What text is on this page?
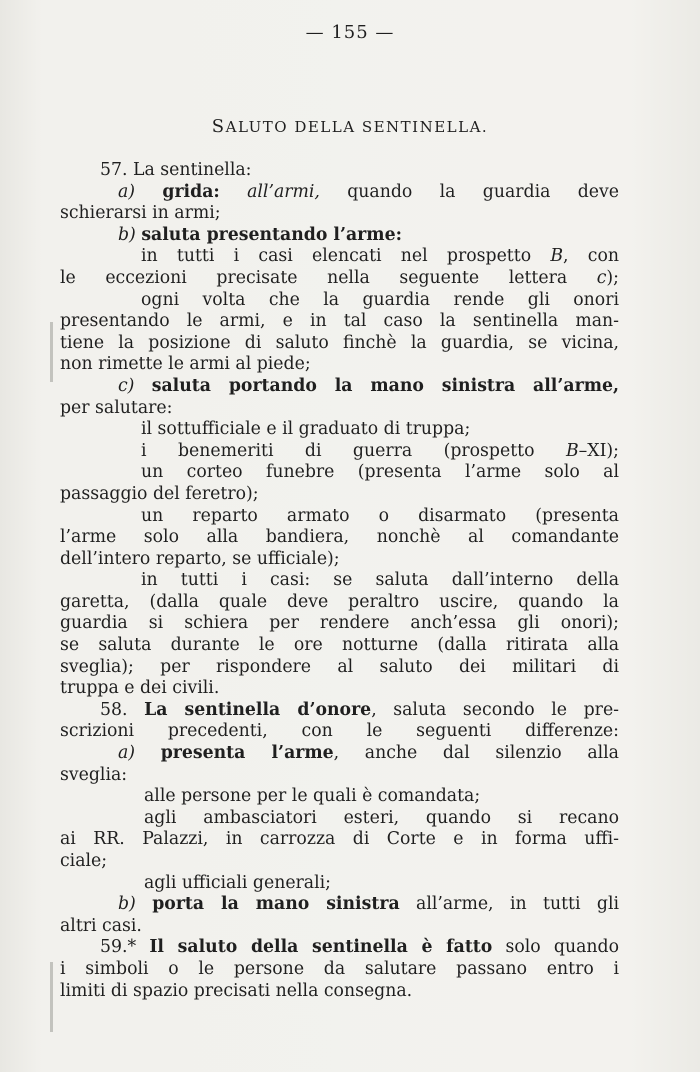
— 155 —
SALUTO DELLA SENTINELLA.
57. La sentinella:
a) grida: all’armi, quando la guardia deve
schierarsi in armi;
b) saluta presentando l’arme:
in tutti i casi elencati nel prospetto B, con
le eccezioni precisate nella seguente lettera c);
ogni volta che la guardia rende gli onori
presentando le armi, e in tal caso la sentinella man-
tiene la posizione di saluto finchè la guardia, se vicina,
non rimette le armi al piede;
c) saluta portando la mano sinistra all’arme,
per salutare:
il sottufficiale e il graduato di truppa;
i benemeriti di guerra (prospetto B–XI);
un corteo funebre (presenta l’arme solo al
passaggio del feretro);
un reparto armato o disarmato (presenta
l’arme solo alla bandiera, nonchè al comandante
dell’intero reparto, se ufficiale);
in tutti i casi: se saluta dall’interno della
garetta, (dalla quale deve peraltro uscire, quando la
guardia si schiera per rendere anch’essa gli onori);
se saluta durante le ore notturne (dalla ritirata alla
sveglia); per rispondere al saluto dei militari di
truppa e dei civili.
58. La sentinella d’onore, saluta secondo le pre-
scrizioni precedenti, con le seguenti differenze:
a) presenta l’arme, anche dal silenzio alla
sveglia:
alle persone per le quali è comandata;
agli ambasciatori esteri, quando si recano
ai RR. Palazzi, in carrozza di Corte e in forma uffi-
ciale;
agli ufficiali generali;
b) porta la mano sinistra all’arme, in tutti gli
altri casi.
59.* Il saluto della sentinella è fatto solo quando
i simboli o le persone da salutare passano entro i
limiti di spazio precisati nella consegna.
